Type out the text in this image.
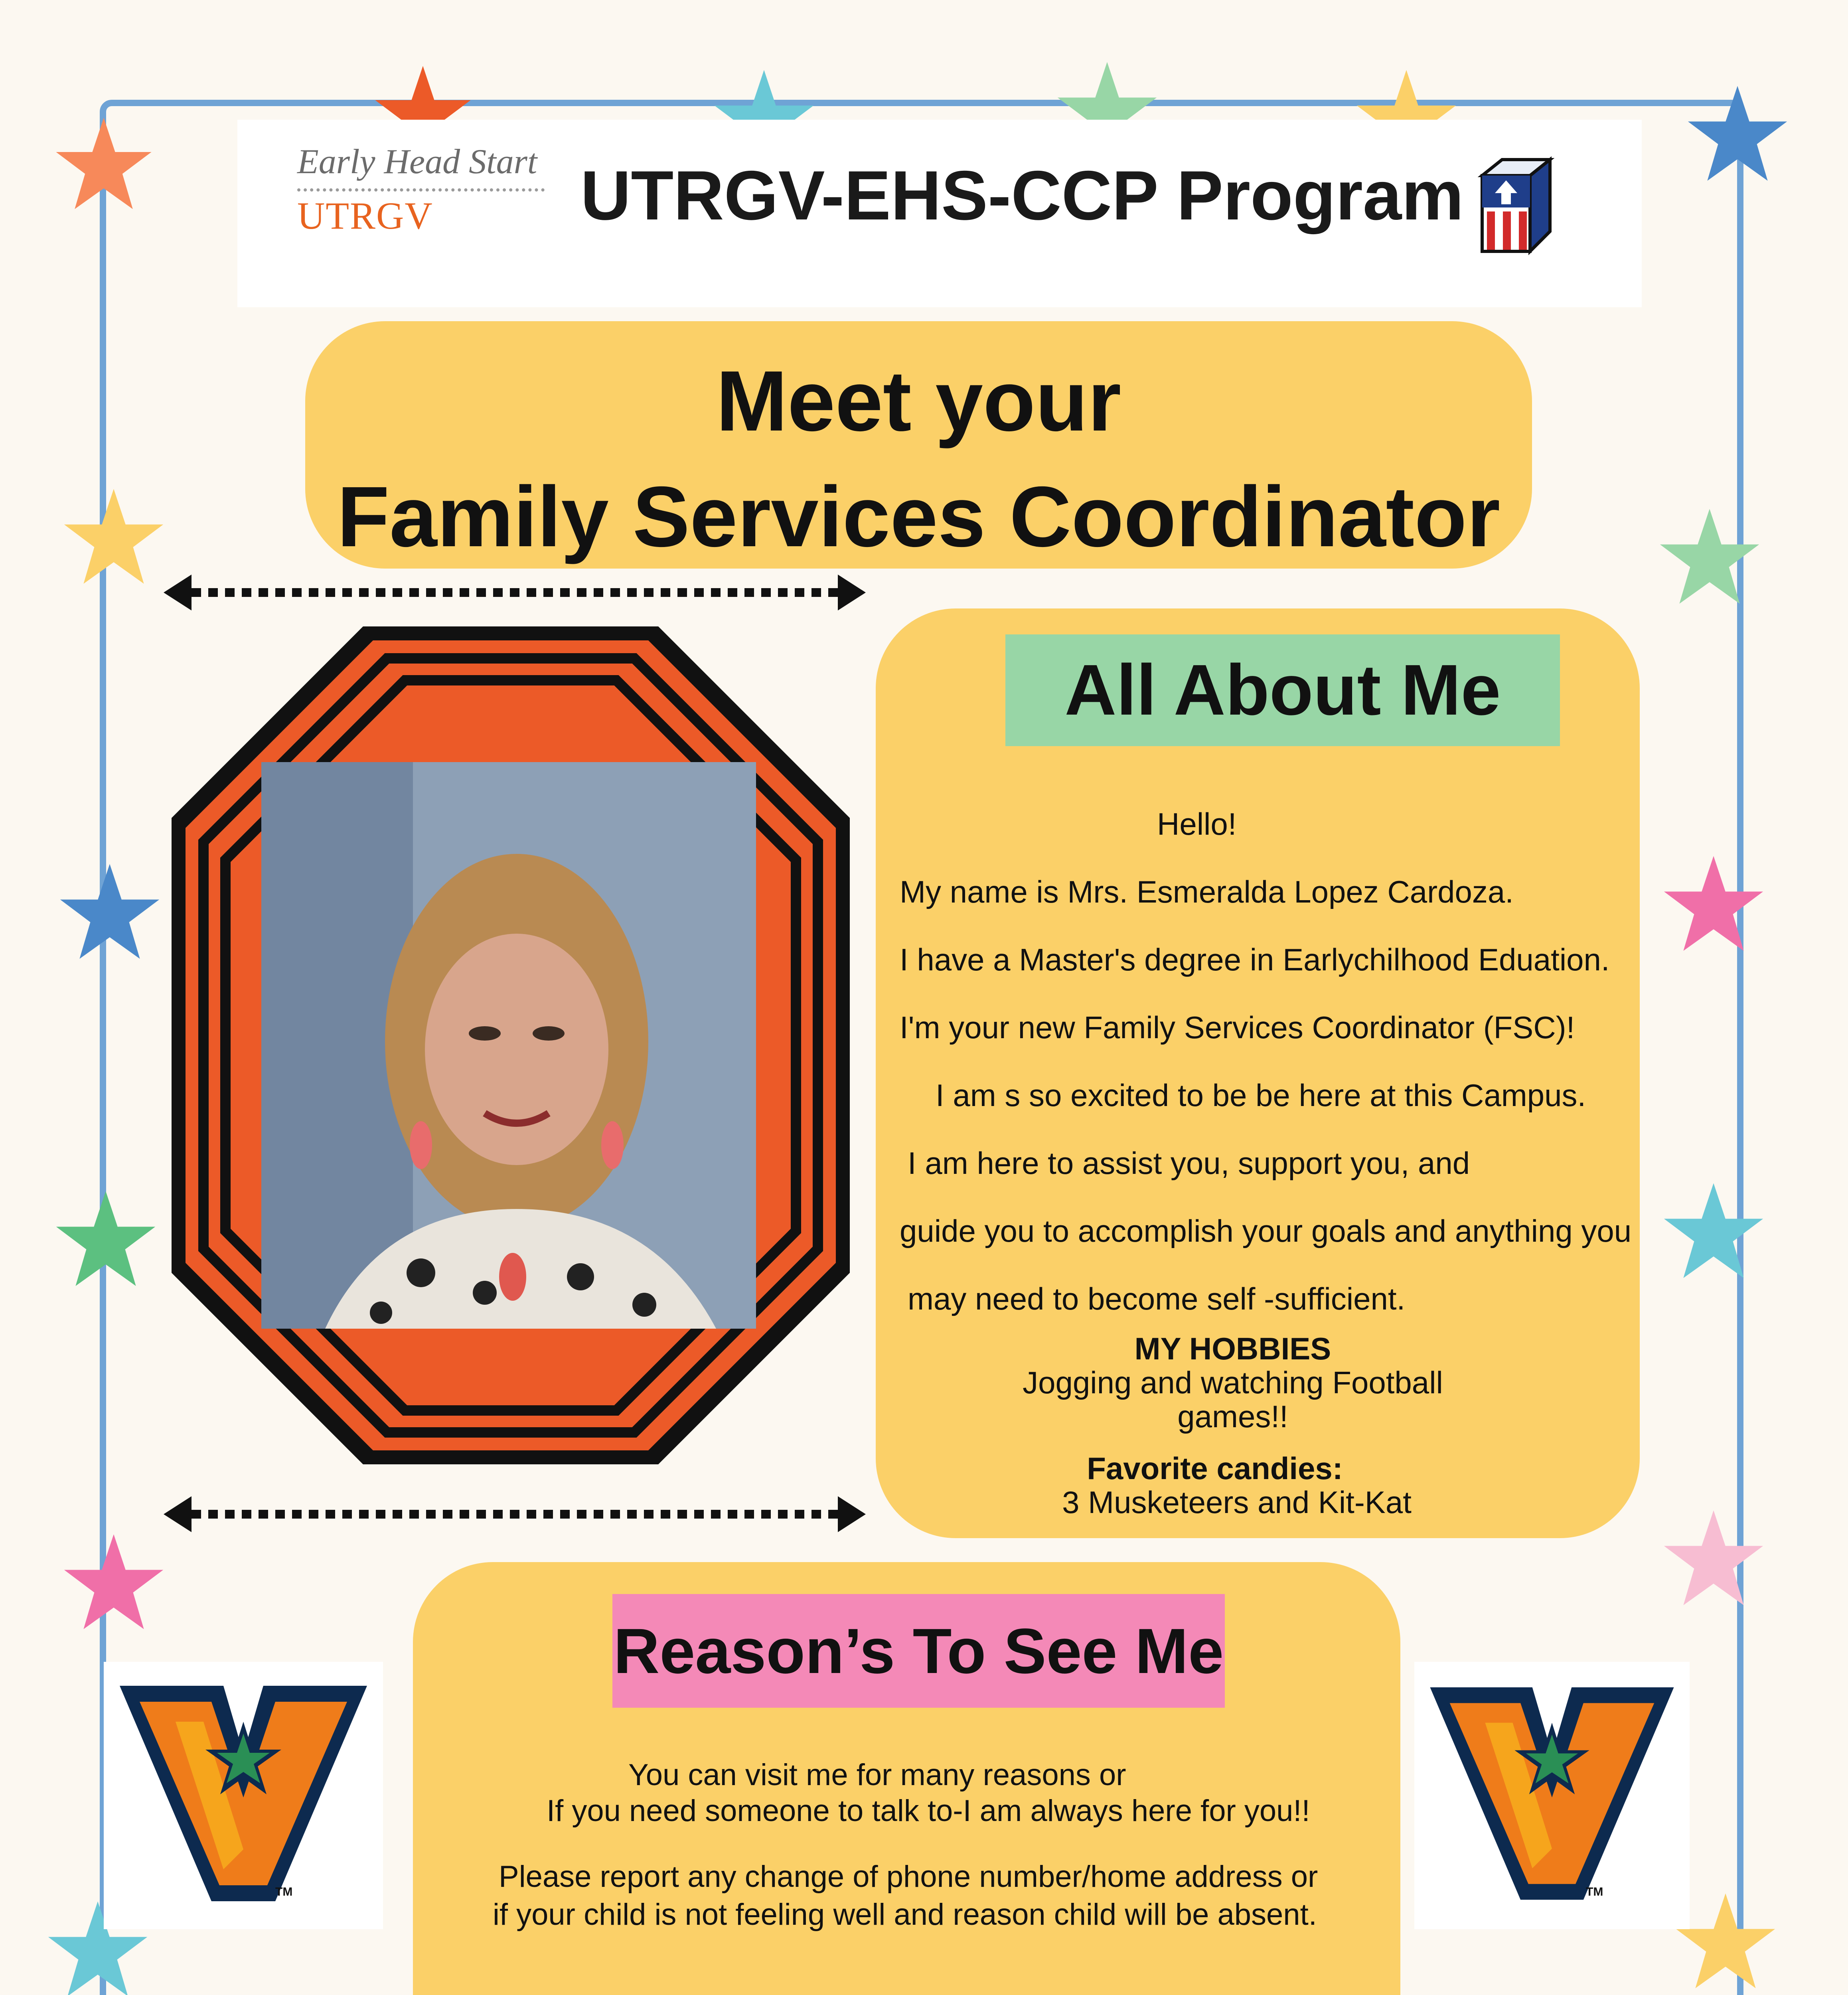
Early Head Start
UTRGV UTRGV-EHS-CCP Program
Meet your
Family Services Coordinator
All About Me
Hello!
My name is Mrs. Esmeralda Lopez Cardoza.
I have a Master's degree in Earlychilhood Eduation.
I'm your new Family Services Coordinator (FSC)!
I am s so excited to be be here at this Campus.
I am here to assist you, support you, and
guide you to accomplish your goals and anything you
may need to become self -sufficient.
MY HOBBIES
Jogging and watching Football
games!!
Favorite candies:
3 Musketeers and Kit-Kat
TM	TM
Reason’s To See Me
You can visit me for many reasons or
If you need someone to talk to-I am always here for you!!
Please report any change of phone number/home address or
if your child is not feeling well and reason child will be absent.
